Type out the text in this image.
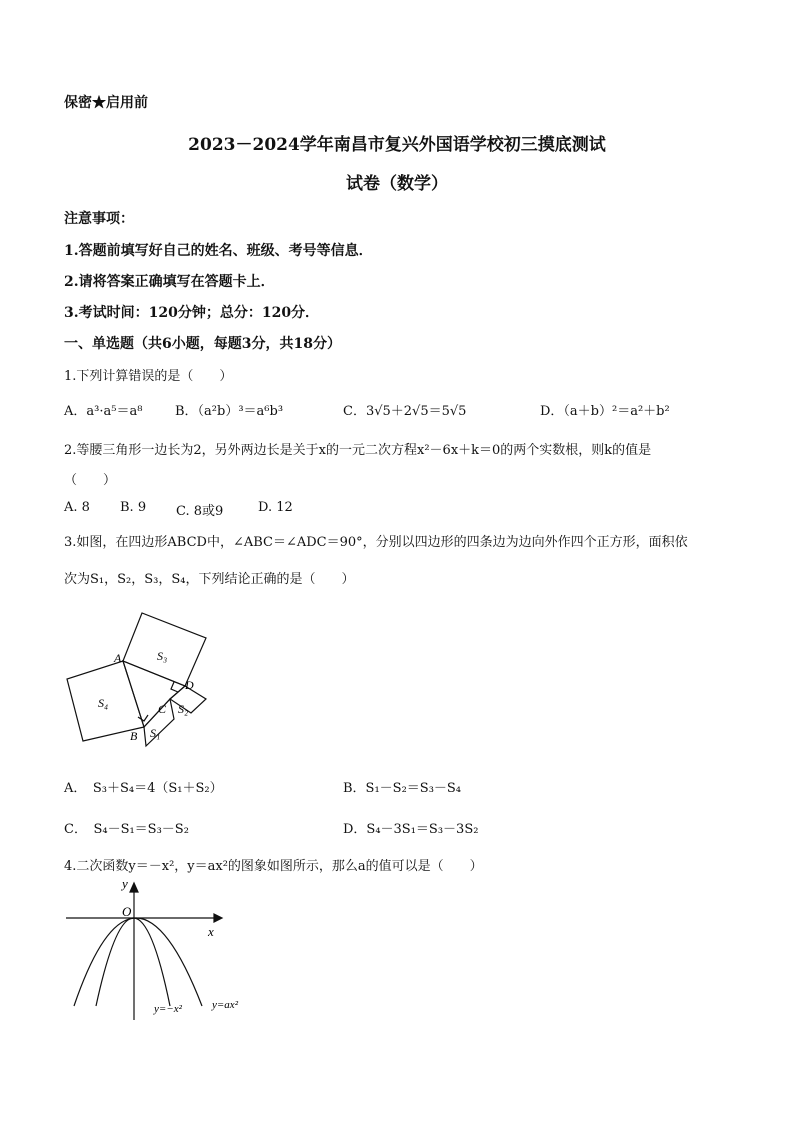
保密★启用前
2023－2024学年南昌市复兴外国语学校初三摸底测试
试卷（数学）
注意事项：
1.答题前填写好自己的姓名、班级、考号等信息．
2.请将答案正确填写在答题卡上．
3.考试时间：120分钟；总分：120分．
一、单选题（共6小题，每题3分，共18分）
1.下列计算错误的是（　　）
A．a³·a⁵＝a⁸	B．（a²b）³＝a⁶b³	C．3√5＋2√5＝5√5	D．（a＋b）²＝a²＋b²
2.等腰三角形一边长为2，另外两边长是关于x的一元二次方程x²－6x＋k＝0的两个实数根，则k的值是
（　　）
A. 8 B. 9 C. 8或9	D. 12
3.如图，在四边形ABCD中，∠ABC＝∠ADC＝90°，分别以四边形的四条边为边向外作四个正方形，面积依
次为S₁，S₂，S₃，S₄，下列结论正确的是（　　）
A
B
C
D
S₃
S₄	S₂
S₁
A．　S₃＋S₄＝4（S₁＋S₂）	B．S₁－S₂＝S₃－S₄
C．　S₄－S₁＝S₃－S₂	D．S₄－3S₁＝S₃－3S₂
4.二次函数y＝－x²，y＝ax²的图象如图所示，那么a的值可以是（　　）
y
x
O
y=−x²	y=ax²
